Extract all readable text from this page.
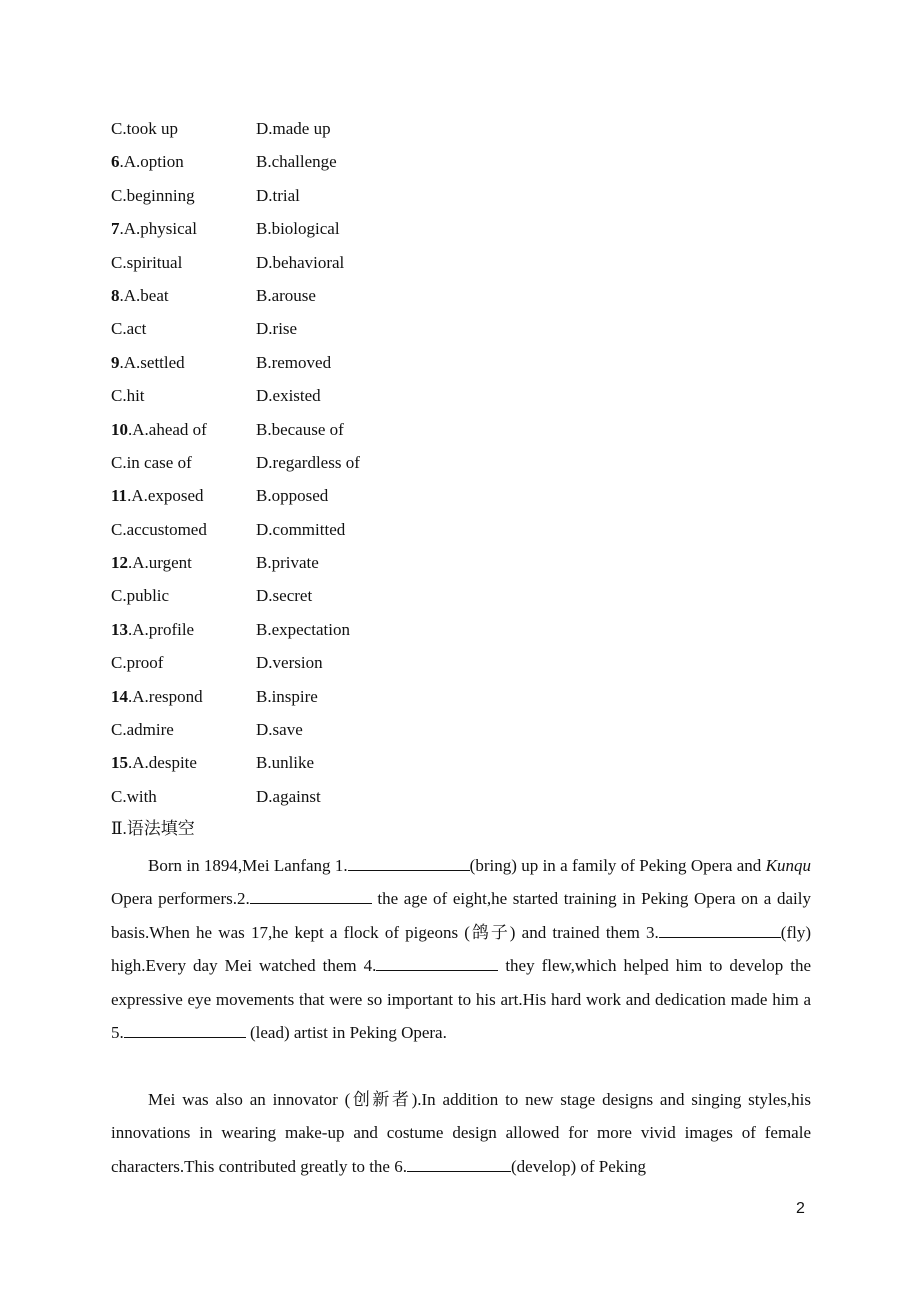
C.took up	D.made up
6.A.option	B.challenge
C.beginning	D.trial
7.A.physical	B.biological
C.spiritual	D.behavioral
8.A.beat	B.arouse
C.act	D.rise
9.A.settled	B.removed
C.hit	D.existed
10.A.ahead of	B.because of
C.in case of	D.regardless of
11.A.exposed	B.opposed
C.accustomed	D.committed
12.A.urgent	B.private
C.public	D.secret
13.A.profile	B.expectation
C.proof	D.version
14.A.respond	B.inspire
C.admire	D.save
15.A.despite	B.unlike
C.with	D.against
Ⅱ.语法填空

Born in 1894,Mei Lanfang 1.	(bring) up in a family of Peking Opera and Kunqu Opera performers.2.	the age of eight,he started training in Peking Opera on a daily basis.When he was 17,he kept a flock of pigeons (鸽子) and trained them 3.	(fly) high.Every day Mei watched them 4.	they flew,which helped him to develop the expressive eye movements that were so important to his art.His hard work and dedication made him a 5.	(lead) artist in Peking Opera.

Mei was also an innovator (创新者).In addition to new stage designs and singing styles,his innovations in wearing make-up and costume design allowed for more vivid images of female characters.This contributed greatly to the 6.	(develop) of Peking

2
